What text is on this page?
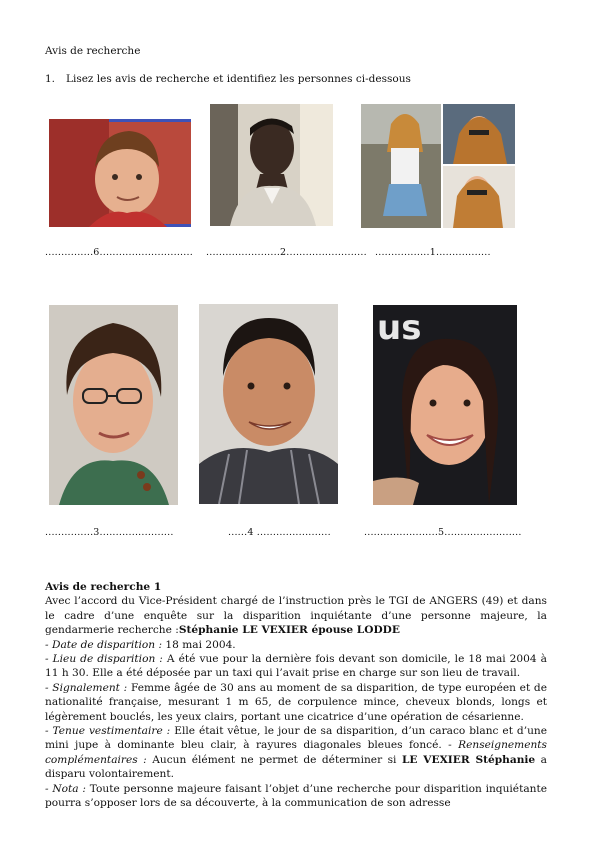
Avis de recherche
1. Lisez les avis de recherche et identifiez les personnes ci-dessous
...............6............................. .......................2......................... .................1.................
us
...............3.......................	......4 .......................	.......................5........................

Avis de recherche 1

Avec l’accord du Vice-Président chargé de l’instruction près le TGI de ANGERS (49) et dans le cadre d’une enquête sur la disparition inquiétante d’une personne majeure, la gendarmerie recherche :Stéphanie LE VEXIER épouse LODDE

- Date de disparition : 18 mai 2004.

- Lieu de disparition : A été vue pour la dernière fois devant son domicile, le 18 mai 2004 à 11 h 30. Elle a été déposée par un taxi qui l’avait prise en charge sur son lieu de travail.

- Signalement : Femme âgée de 30 ans au moment de sa disparition, de type européen et de nationalité française, mesurant 1 m 65, de corpulence mince, cheveux blonds, longs et légèrement bouclés, les yeux clairs, portant une cicatrice d’une opération de césarienne.

- Tenue vestimentaire : Elle était vêtue, le jour de sa disparition, d’un caraco blanc et d’une mini jupe à dominante bleu clair, à rayures diagonales bleues foncé. - Renseignements complémentaires : Aucun élément ne permet de déterminer si LE VEXIER Stéphanie a disparu volontairement.

- Nota : Toute personne majeure faisant l’objet d’une recherche pour disparition inquiétante pourra s’opposer lors de sa découverte, à la communication de son adresse
